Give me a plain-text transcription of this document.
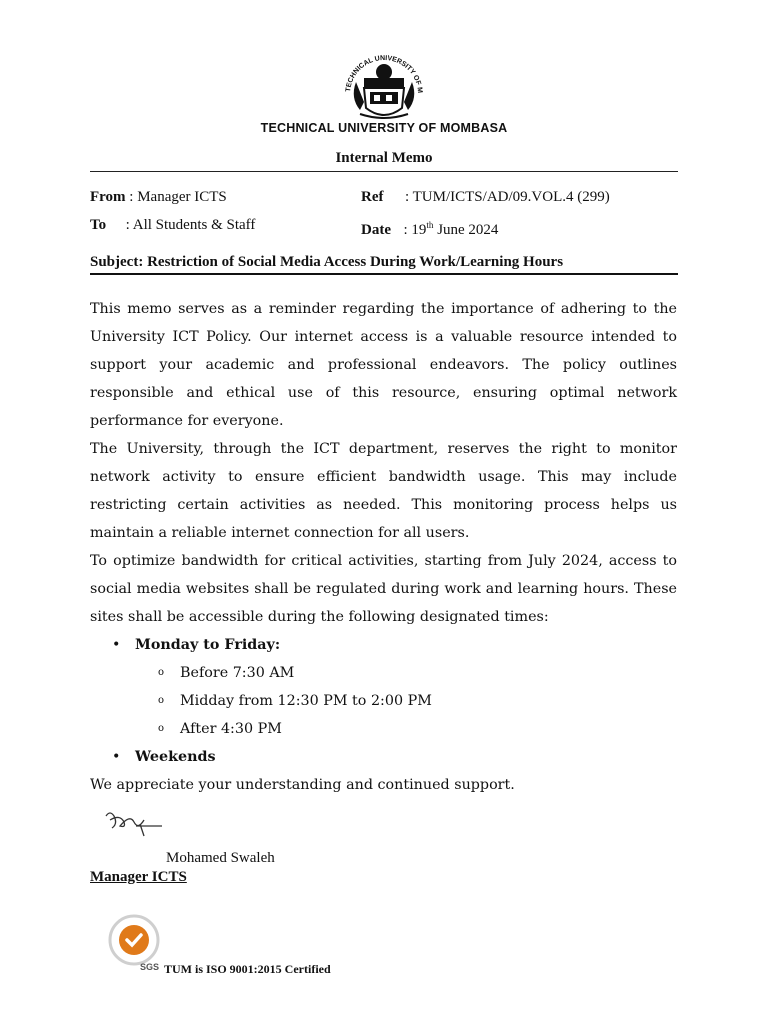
TECHNICAL UNIVERSITY OF M
TECHNICAL UNIVERSITY OF MOMBASA
Internal Memo
From : Manager ICTS
To : All Students & Staff
Ref : TUM/ICTS/AD/09.VOL.4 (299)
Date : 19th June 2024
Subject: Restriction of Social Media Access During Work/Learning Hours

This memo serves as a reminder regarding the importance of adhering to the University ICT Policy. Our internet access is a valuable resource intended to support your academic and professional endeavors. The policy outlines responsible and ethical use of this resource, ensuring optimal network performance for everyone.

The University, through the ICT department, reserves the right to monitor network activity to ensure efficient bandwidth usage. This may include restricting certain activities as needed. This monitoring process helps us maintain a reliable internet connection for all users.

To optimize bandwidth for critical activities, starting from July 2024, access to social media websites shall be regulated during work and learning hours. These sites shall be accessible during the following designated times:

• Monday to Friday:
o Before 7:30 AM
o Midday from 12:30 PM to 2:00 PM
o After 4:30 PM
• Weekends
We appreciate your understanding and continued support.
Mohamed Swaleh
Manager ICTS
SGS TUM is ISO 9001:2015 Certified
